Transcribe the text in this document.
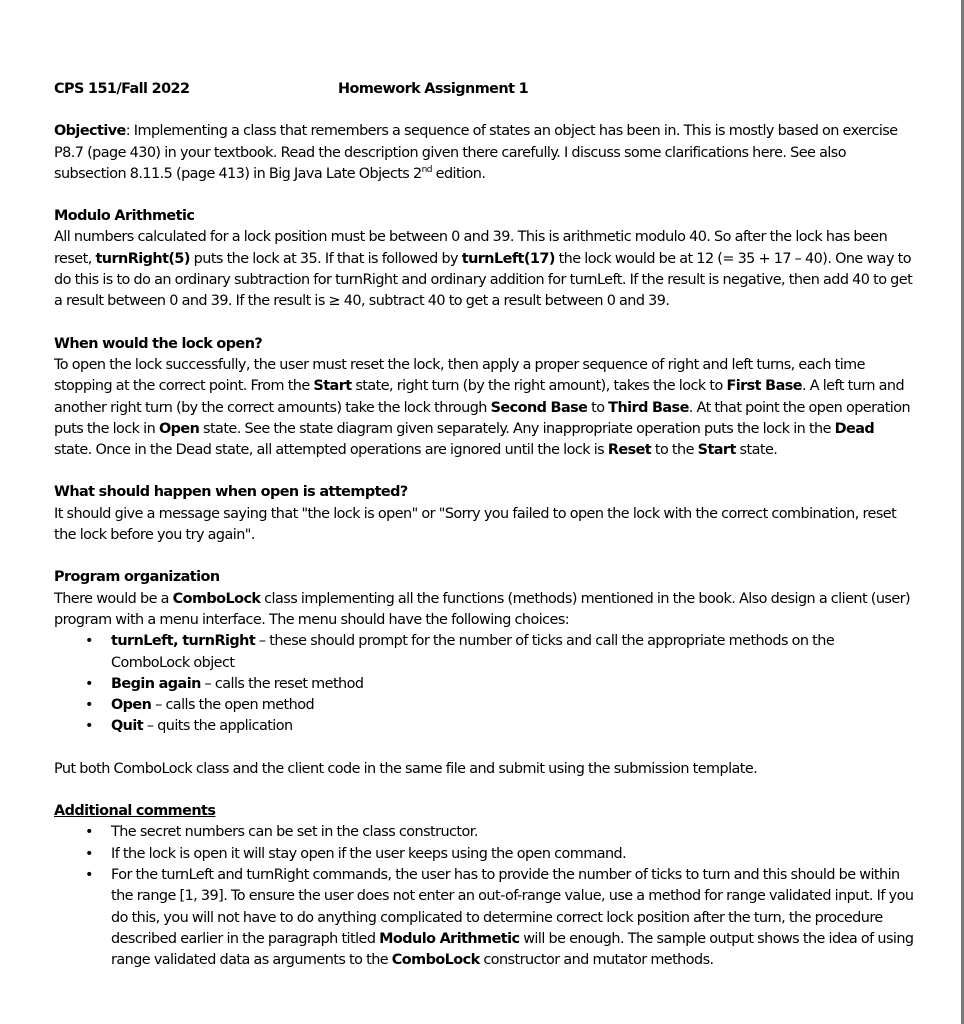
CPS 151/Fall 2022	Homework Assignment 1

Objective: Implementing a class that remembers a sequence of states an object has been in. This is mostly based on exercise P8.7 (page 430) in your textbook. Read the description given there carefully. I discuss some clarifications here. See also subsection 8.11.5 (page 413) in Big Java Late Objects 2nd edition.

Modulo Arithmetic

All numbers calculated for a lock position must be between 0 and 39. This is arithmetic modulo 40. So after the lock has been reset, turnRight(5) puts the lock at 35. If that is followed by turnLeft(17) the lock would be at 12 (= 35 + 17 – 40). One way to do this is to do an ordinary subtraction for turnRight and ordinary addition for turnLeft. If the result is negative, then add 40 to get a result between 0 and 39. If the result is ≥ 40, subtract 40 to get a result between 0 and 39.

When would the lock open?

To open the lock successfully, the user must reset the lock, then apply a proper sequence of right and left turns, each time stopping at the correct point. From the Start state, right turn (by the right amount), takes the lock to First Base. A left turn and another right turn (by the correct amounts) take the lock through Second Base to Third Base. At that point the open operation puts the lock in Open state. See the state diagram given separately. Any inappropriate operation puts the lock in the Dead state. Once in the Dead state, all attempted operations are ignored until the lock is Reset to the Start state.

What should happen when open is attempted?

It should give a message saying that "the lock is open" or "Sorry you failed to open the lock with the correct combination, reset the lock before you try again".

Program organization

There would be a ComboLock class implementing all the functions (methods) mentioned in the book. Also design a client (user) program with a menu interface. The menu should have the following choices:

• turnLeft, turnRight – these should prompt for the number of ticks and call the appropriate methods on the ComboLock object
• Begin again – calls the reset method
• Open – calls the open method
• Quit – quits the application

Put both ComboLock class and the client code in the same file and submit using the submission template.

Additional comments

• The secret numbers can be set in the class constructor.
• If the lock is open it will stay open if the user keeps using the open command.
• For the turnLeft and turnRight commands, the user has to provide the number of ticks to turn and this should be within the range [1, 39]. To ensure the user does not enter an out-of-range value, use a method for range validated input. If you do this, you will not have to do anything complicated to determine correct lock position after the turn, the procedure described earlier in the paragraph titled Modulo Arithmetic will be enough. The sample output shows the idea of using range validated data as arguments to the ComboLock constructor and mutator methods.
